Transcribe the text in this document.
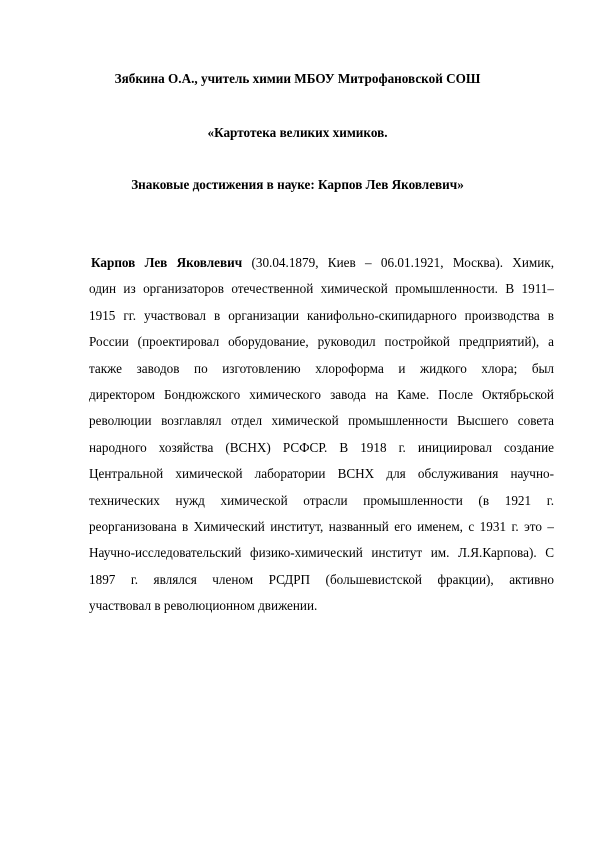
Зябкина О.А., учитель химии МБОУ Митрофановской СОШ
«Картотека великих химиков.
Знаковые достижения в науке: Карпов Лев Яковлевич»
Карпов Лев Яковлевич (30.04.1879, Киев – 06.01.1921, Москва). Химик,
один из организаторов отечественной химической промышленности. В 1911–
1915 гг. участвовал в организации канифольно-скипидарного производства в
России (проектировал оборудование, руководил постройкой предприятий), а
также заводов по изготовлению хлороформа и жидкого хлора; был
директором Бондюжского химического завода на Каме. После Октябрьской
революции возглавлял отдел химической промышленности Высшего совета
народного хозяйства (ВСНХ) РСФСР. В 1918 г. инициировал создание
Центральной химической лаборатории ВСНХ для обслуживания научно-
технических нужд химической отрасли промышленности (в 1921 г.
реорганизована в Химический институт, названный его именем, с 1931 г. это –
Научно-исследовательский физико-химический институт им. Л.Я.Карпова). С
1897 г. являлся членом РСДРП (большевистской фракции), активно
участвовал в революционном движении.
